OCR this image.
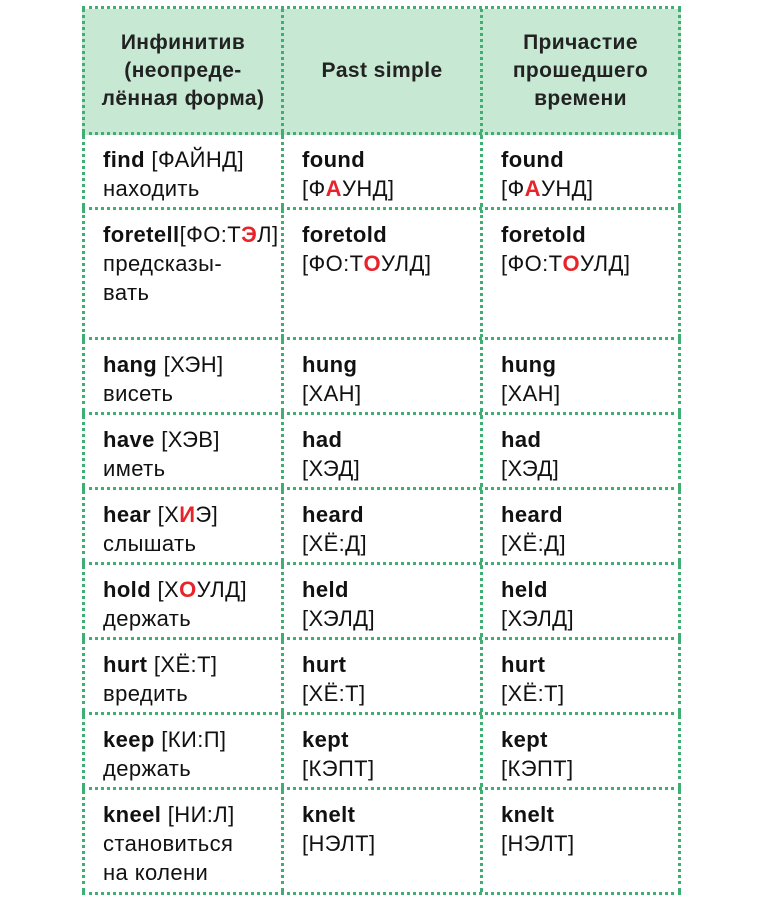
Инфинитив (неопреде-лённая форма)
Past simple
Причастие прошедшего времени
find [ФАЙНД]
находить
found
[ФАУНД]
found
[ФАУНД]
foretell[ФО:ТЭЛ]
предсказы-
вать
foretold
[ФО:ТОУЛД]
foretold
[ФО:ТОУЛД]
hang [ХЭН]
висеть
hung
[ХАН]
hung
[ХАН]
have [ХЭВ]
иметь
had
[ХЭД]
had
[ХЭД]
hear [ХИЭ]
слышать
heard
[ХЁ:Д]
heard
[ХЁ:Д]
hold [ХОУЛД]
держать
held
[ХЭЛД]
held
[ХЭЛД]
hurt [ХЁ:Т]
вредить
hurt
[ХЁ:Т]
hurt
[ХЁ:Т]
keep [КИ:П]
держать
kept
[КЭПТ]
kept
[КЭПТ]
kneel [НИ:Л]
становиться
на колени
knelt
[НЭЛТ]
knelt
[НЭЛТ]
